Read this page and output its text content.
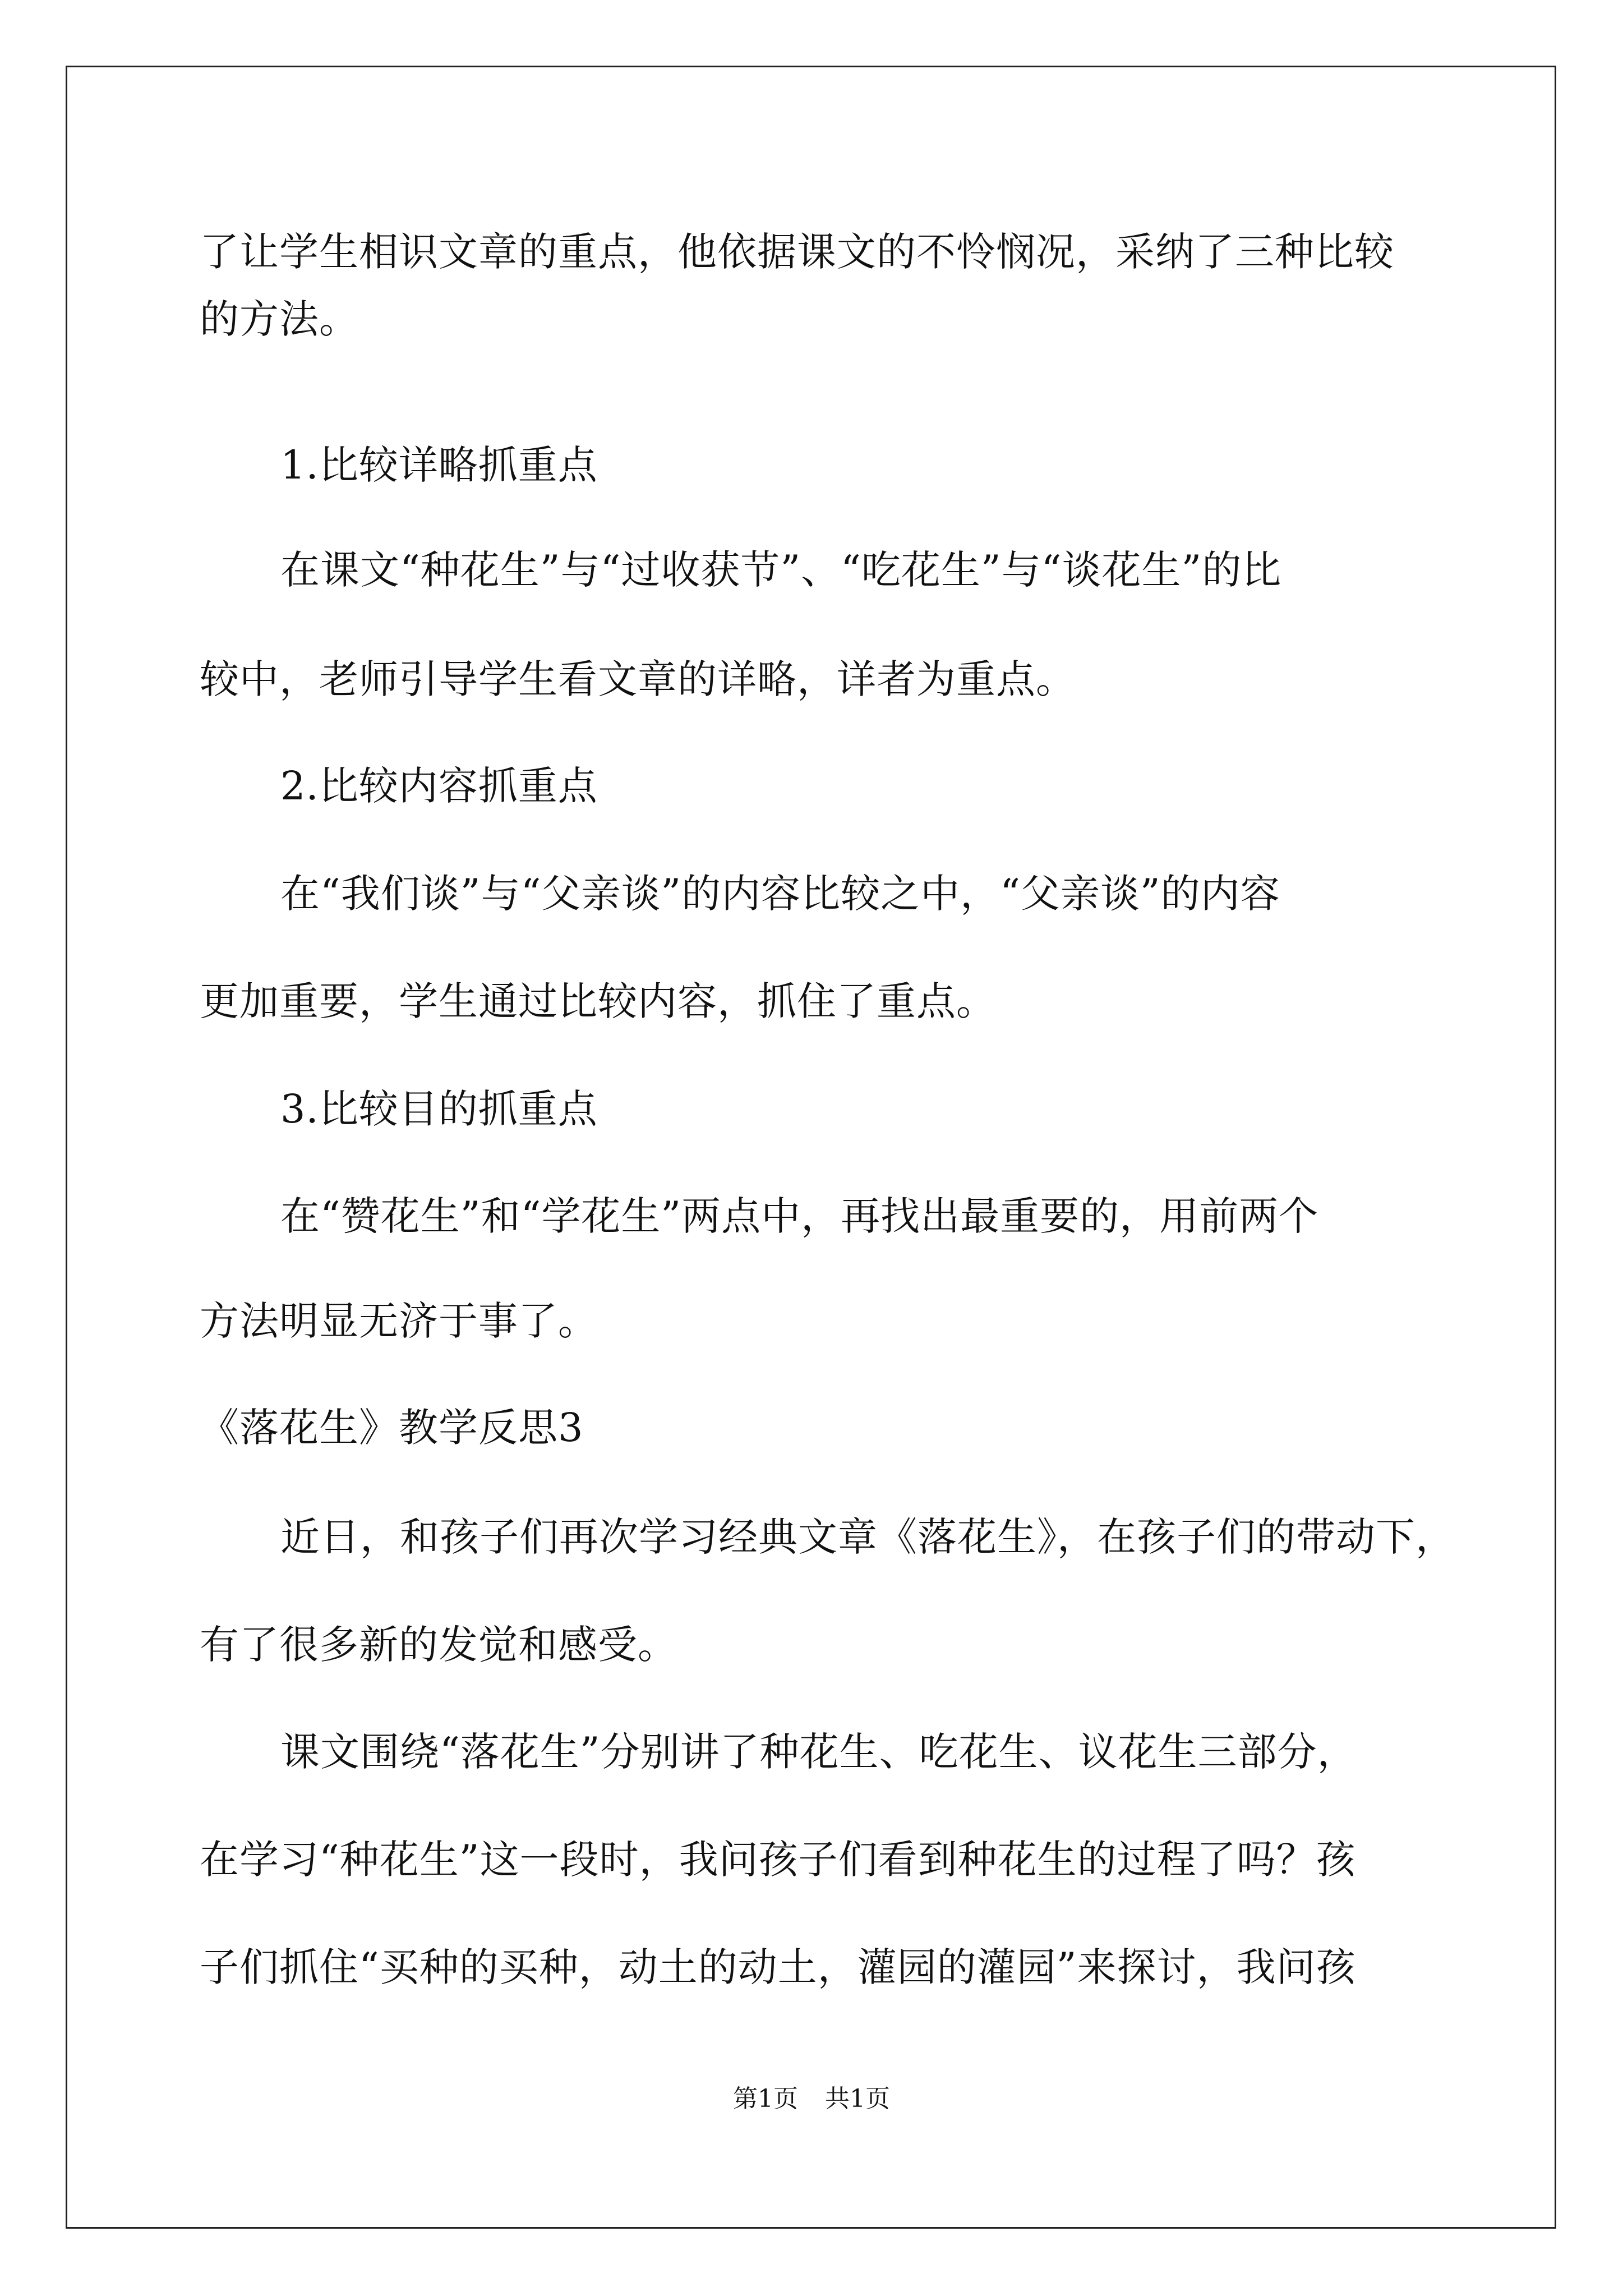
了让学生相识文章的重点，他依据课文的不怜悯况，采纳了三种比较
的方法。
1.比较详略抓重点
在课文“种花生”与“过收获节”、“吃花生”与“谈花生”的比
较中，老师引导学生看文章的详略，详者为重点。
2.比较内容抓重点
在“我们谈”与“父亲谈”的内容比较之中，“父亲谈”的内容
更加重要，学生通过比较内容，抓住了重点。
3.比较目的抓重点
在“赞花生”和“学花生”两点中，再找出最重要的，用前两个
方法明显无济于事了。
《落花生》教学反思3
近日，和孩子们再次学习经典文章《落花生》，在孩子们的带动下，
有了很多新的发觉和感受。
课文围绕“落花生”分别讲了种花生、吃花生、议花生三部分，
在学习“种花生”这一段时，我问孩子们看到种花生的过程了吗？孩
子们抓住“买种的买种，动土的动土，灌园的灌园”来探讨，我问孩
第1页 共1页
